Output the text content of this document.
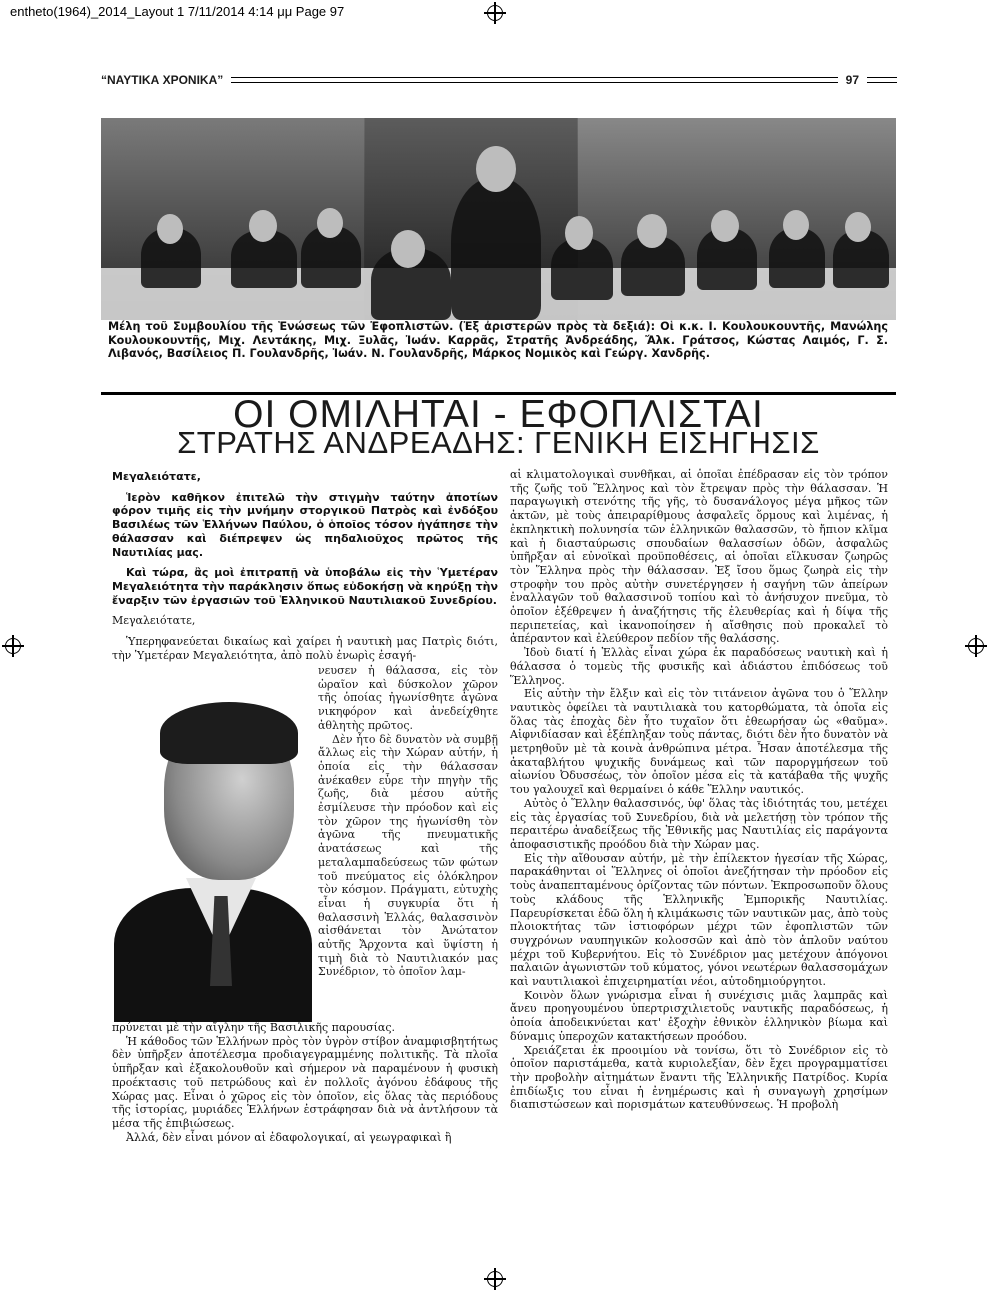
entheto(1964)_2014_Layout 1 7/11/2014 4:14 μμ Page 97
“ΝΑΥΤΙΚΑ ΧΡΟΝΙΚΑ”	97

Μέλη τοῦ Συμβουλίου τῆς Ἑνώσεως τῶν Ἐφοπλιστῶν. (Ἐξ ἀριστερῶν πρὸς τὰ δεξιά): Οἱ κ.κ. Ι. Κουλουκουντῆς, Μανώλης Κουλουκουντῆς, Μιχ. Λεντάκης, Μιχ. Ξυλᾶς, Ἰωάν. Καρρᾶς, Στρατῆς Ἀνδρεάδης, Ἄλκ. Γράτσος, Κώστας Λαιμός, Γ. Σ. Λιβανός, Βασίλειος Π. Γουλανδρῆς, Ἰωάν. Ν. Γουλανδρῆς, Μάρκος Νομικὸς καὶ Γεώργ. Χανδρῆς.

ΟΙ ΟΜΙΛΗΤΑΙ - ΕΦΟΠΛΙΣΤΑΙ
ΣΤΡΑΤΗΣ ΑΝΔΡΕΑΔΗΣ: ΓΕΝΙΚΗ ΕΙΣΗΓΗΣΙΣ

Μεγαλειότατε,

Ἱερὸν καθῆκον ἐπιτελῶ τὴν στιγμὴν ταύτην ἀποτίων φόρον τιμῆς εἰς τὴν μνήμην στοργικοῦ Πατρὸς καὶ ἐνδόξου Βασιλέως τῶν Ἑλλήνων Παύλου, ὁ ὁποῖος τόσον ἠγάπησε τὴν θάλασσαν καὶ διέπρεψεν ὡς πηδαλιοῦχος πρῶτος τῆς Ναυτιλίας μας.

Καὶ τώρα, ἂς μοὶ ἐπιτραπῇ νὰ ὑποβάλω εἰς τὴν Ὑμετέραν Μεγαλειότητα τὴν παράκλησιν ὅπως εὐδοκήσῃ νὰ κηρύξῃ τὴν ἔναρξιν τῶν ἐργασιῶν τοῦ Ἑλληνικοῦ Ναυτιλιακοῦ Συνεδρίου.

Μεγαλειότατε,

Ὑπερηφανεύεται δικαίως καὶ χαίρει ἡ ναυτικὴ μας Πατρὶς διότι, τὴν Ὑμετέραν Μεγαλειότητα, ἀπὸ πολὺ ἐνωρὶς ἐσαγή-

νευσεν ἡ θάλασσα, εἰς τὸν ὡραῖον καὶ δύσκολον χῶρον τῆς ὁποίας ἠγωνίσθητε ἀγῶνα νικηφόρον καὶ ἀνεδείχθητε ἀθλητὴς πρῶτος.

Δὲν ἦτο δὲ δυνατὸν νὰ συμβῇ ἄλλως εἰς τὴν Χώραν αὐτήν, ἡ ὁποία εἰς τὴν θάλασσαν ἀνέκαθεν εὗρε τὴν πηγὴν τῆς ζωῆς, διὰ μέσου αὐτῆς ἐσμίλευσε τὴν πρόοδον καὶ εἰς τὸν χῶρον της ἠγωνίσθη τὸν ἀγῶνα τῆς πνευματικῆς ἀνατάσεως καὶ τῆς μεταλαμπαδεύσεως τῶν φώτων τοῦ πνεύματος εἰς ὁλόκληρον τὸν κόσμον. Πράγματι, εὐτυχὴς εἶναι ἡ συγκυρία ὅτι ἡ θαλασσινὴ Ἑλλάς, θαλασσινὸν αἰσθάνεται τὸν Ἀνώτατον αὐτῆς Ἄρχοντα καὶ ὕψίστη ἡ τιμὴ διὰ τὸ Ναυτιλιακόν μας Συνέδριον, τὸ ὁποῖον λαμ-

πρύνεται μὲ τὴν αἴγλην τῆς Βασιλικῆς παρουσίας.

Ἡ κάθοδος τῶν Ἑλλήνων πρὸς τὸν ὑγρὸν στίβον ἀναμφισβητήτως δὲν ὑπῆρξεν ἀποτέλεσμα προδιαγεγραμμένης πολιτικῆς. Τὰ πλοῖα ὑπῆρξαν καὶ ἐξακολουθοῦν καὶ σήμερον νὰ παραμένουν ἡ φυσικὴ προέκτασις τοῦ πετρώδους καὶ ἐν πολλοῖς ἀγόνου ἐδάφους τῆς Χώρας μας. Εἶναι ὁ χῶρος εἰς τὸν ὁποῖον, εἰς ὅλας τὰς περιόδους τῆς ἱστορίας, μυριάδες Ἑλλήνων ἐστράφησαν διὰ νὰ ἀντλήσουν τὰ μέσα τῆς ἐπιβιώσεως.

Ἀλλά, δὲν εἶναι μόνον αἱ ἐδαφολογικαί, αἱ γεωγραφικαὶ ἢ

αἱ κλιματολογικαὶ συνθῆκαι, αἱ ὁποῖαι ἐπέδρασαν εἰς τὸν τρόπον τῆς ζωῆς τοῦ Ἕλληνος καὶ τὸν ἔτρεψαν πρὸς τὴν θάλασσαν. Ἡ παραγωγικὴ στενότης τῆς γῆς, τὸ δυσανάλογος μέγα μῆκος τῶν ἀκτῶν, μὲ τοὺς ἀπειραρίθμους ἀσφαλεῖς ὅρμους καὶ λιμένας, ἡ ἐκπληκτικὴ πολυνησία τῶν ἑλληνικῶν θαλασσῶν, τὸ ἤπιον κλῖμα καὶ ἡ διασταύρωσις σπουδαίων θαλασσίων ὁδῶν, ἀσφαλῶς ὑπῆρξαν αἱ εὐνοϊκαὶ προϋποθέσεις, αἱ ὁποῖαι εἵλκυσαν ζωηρῶς τὸν Ἕλληνα πρὸς τὴν θάλασσαν. Ἐξ ἴσου ὅμως ζωηρὰ εἰς τὴν στροφὴν του πρὸς αὐτὴν συνετέργησεν ἡ σαγήνη τῶν ἀπείρων ἐναλλαγῶν τοῦ θαλασσινοῦ τοπίου καὶ τὸ ἀνήσυχον πνεῦμα, τὸ ὁποῖον ἐξέθρεψεν ἡ ἀναζήτησις τῆς ἐλευθερίας καὶ ἡ δίψα τῆς περιπετείας, καὶ ἱκανοποίησεν ἡ αἴσθησις ποὺ προκαλεῖ τὸ ἀπέραντον καὶ ἐλεύθερον πεδίον τῆς θαλάσσης.

Ἰδοὺ διατί ἡ Ἑλλὰς εἶναι χώρα ἐκ παραδόσεως ναυτικὴ καὶ ἡ θάλασσα ὁ τομεὺς τῆς φυσικῆς καὶ ἀδιάστου ἐπιδόσεως τοῦ Ἕλληνος.

Εἰς αὐτὴν τὴν ἔλξιν καὶ εἰς τὸν τιτάνειον ἀγῶνα του ὁ Ἕλλην ναυτικὸς ὀφείλει τὰ ναυτιλιακὰ του κατορθώματα, τὰ ὁποῖα εἰς ὅλας τὰς ἐποχὰς δὲν ἦτο τυχαῖον ὅτι ἐθεωρήσαν ὡς «θαῦμα». Αἰφνιδίασαν καὶ ἐξέπληξαν τοὺς πάντας, διότι δὲν ἦτο δυνατὸν νὰ μετρηθοῦν μὲ τὰ κοινὰ ἀνθρώπινα μέτρα. Ἦσαν ἀποτέλεσμα τῆς ἀκαταβλήτου ψυχικῆς δυνάμεως καὶ τῶν παροργμήσεων τοῦ αἰωνίου Ὀδυσσέως, τὸν ὁποῖον μέσα εἰς τὰ κατάβαθα τῆς ψυχῆς του γαλουχεῖ καὶ θερμαίνει ὁ κάθε Ἕλλην ναυτικός.

Αὐτὸς ὁ Ἕλλην θαλασσινός, ὑφ' ὅλας τὰς ἰδιότητάς του, μετέχει εἰς τὰς ἐργασίας τοῦ Συνεδρίου, διὰ νὰ μελετήσῃ τὸν τρόπον τῆς περαιτέρω ἀναδείξεως τῆς Ἐθνικῆς μας Ναυτιλίας εἰς παράγοντα ἀποφασιστικῆς προόδου διὰ τὴν Χώραν μας.

Εἰς τὴν αἴθουσαν αὐτήν, μὲ τὴν ἐπίλεκτον ἡγεσίαν τῆς Χώρας, παρακάθηνται οἱ Ἕλληνες οἱ ὁποῖοι ἀνεζήτησαν τὴν πρόοδον εἰς τοὺς ἀναπεπταμένους ὁρίζοντας τῶν πόντων. Ἐκπροσωποῦν ὅλους τοὺς κλάδους τῆς Ἑλληνικῆς Ἐμπορικῆς Ναυτιλίας. Παρευρίσκεται ἐδῶ ὅλη ἡ κλιμάκωσις τῶν ναυτικῶν μας, ἀπὸ τοὺς πλοιοκτήτας τῶν ἱστιοφόρων μέχρι τῶν ἐφοπλιστῶν τῶν συγχρόνων ναυπηγικῶν κολοσσῶν καὶ ἀπὸ τὸν ἁπλοῦν ναύτου μέχρι τοῦ Κυβερνήτου. Εἰς τὸ Συνέδριον μας μετέχουν ἀπόγονοι παλαιῶν ἀγωνιστῶν τοῦ κύματος, γόνοι νεωτέρων θαλασσομάχων καὶ ναυτιλιακοὶ ἐπιχειρηματίαι νέοι, αὐτοδημιούργητοι.

Κοινὸν ὅλων γνώρισμα εἶναι ἡ συνέχισις μιᾶς λαμπρᾶς καὶ ἄνευ προηγουμένου ὑπερτρισχιλιετοῦς ναυτικῆς παραδόσεως, ἡ ὁποία ἀποδεικνύεται κατ' ἐξοχὴν ἐθνικὸν ἑλληνικὸν βίωμα καὶ δύναμις ὑπεροχῶν κατακτήσεων προόδου.

Χρειάζεται ἐκ προοιμίου νὰ τονίσω, ὅτι τὸ Συνέδριον εἰς τὸ ὁποῖον παριστάμεθα, κατὰ κυριολεξίαν, δὲν ἔχει προγραμματίσει τὴν προβολὴν αἰτημάτων ἔναντι τῆς Ἑλληνικῆς Πατρίδος. Κυρία ἐπιδίωξις του εἶναι ἡ ἐνημέρωσις καὶ ἡ συναγωγὴ χρησίμων διαπιστώσεων καὶ πορισμάτων κατευθύνσεως. Ἡ προβολὴ
